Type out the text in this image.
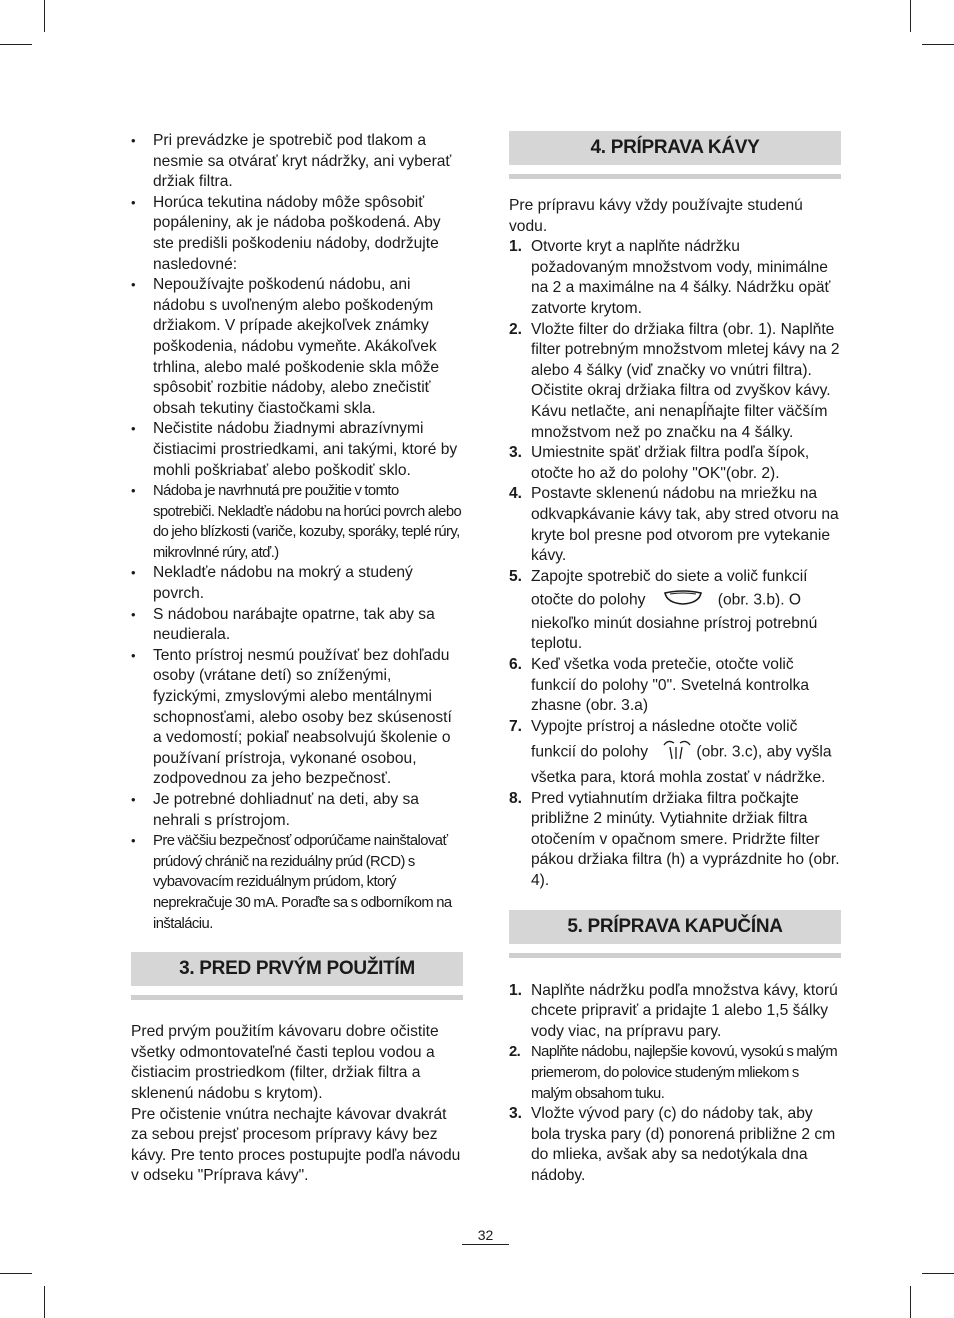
• Pri prevádzke je spotrebič pod tlakom a nesmie sa otvárať kryt nádržky, ani vyberať držiak filtra.
• Horúca tekutina nádoby môže spôsobiť popáleniny, ak je nádoba poškodená. Aby ste predišli poškodeniu nádoby, dodržujte nasledovné:
• Nepoužívajte poškodenú nádobu, ani nádobu s uvoľneným alebo poškodeným držiakom. V prípade akejkoľvek známky poškodenia, nádobu vymeňte. Akákoľvek trhlina, alebo malé poškodenie skla môže spôsobiť rozbitie nádoby, alebo znečistiť obsah tekutiny čiastočkami skla.
• Nečistite nádobu žiadnymi abrazívnymi čistiacimi prostriedkami, ani takými, ktoré by mohli poškriabať alebo poškodiť sklo.
• Nádoba je navrhnutá pre použitie v tomto spotrebiči. Nekladťe nádobu na horúci povrch alebo do jeho blízkosti (variče, kozuby, sporáky, teplé rúry, mikrovlnné rúry, atď.)
• Nekladťe nádobu na mokrý a studený povrch.
• S nádobou narábajte opatrne, tak aby sa neudierala.
• Tento prístroj nesmú používať bez dohľadu osoby (vrátane detí) so zníženými, fyzickými, zmyslovými alebo mentálnymi schopnosťami, alebo osoby bez skúseností a vedomostí; pokiaľ neabsolvujú školenie o používaní prístroja, vykonané osobou, zodpovednou za jeho bezpečnosť.
• Je potrebné dohliadnuť na deti, aby sa nehrali s prístrojom.
• Pre väčšiu bezpečnosť odporúčame nainštalovať prúdový chránič na reziduálny prúd (RCD) s vybavovacím reziduálnym prúdom, ktorý neprekračuje 30 mA. Poraďte sa s odborníkom na inštaláciu.
3. PRED PRVÝM POUŽITÍM

Pred prvým použitím kávovaru dobre očistite všetky odmontovateľné časti teplou vodou a čistiacim prostriedkom (filter, držiak filtra a sklenenú nádobu s krytom).

Pre očistenie vnútra nechajte kávovar dvakrát za sebou prejsť procesom prípravy kávy bez kávy. Pre tento proces postupujte podľa návodu v odseku "Príprava kávy".

4. PRÍPRAVA KÁVY

Pre prípravu kávy vždy používajte studenú vodu.

1. Otvorte kryt a naplňte nádržku požadovaným množstvom vody, minimálne na 2 a maximálne na 4 šálky. Nádržku opäť zatvorte krytom.
2. Vložte filter do držiaka filtra (obr. 1). Naplňte filter potrebným množstvom mletej kávy na 2 alebo 4 šálky (viď značky vo vnútri filtra). Očistite okraj držiaka filtra od zvyškov kávy. Kávu netlačte, ani nenapĺňajte filter väčším množstvom než po značku na 4 šálky.
3. Umiestnite späť držiak filtra podľa šípok, otočte ho až do polohy "OK"(obr. 2).
4. Postavte sklenenú nádobu na mriežku na odkvapkávanie kávy tak, aby stred otvoru na kryte bol presne pod otvorom pre vytekanie kávy.
5. Zapojte spotrebič do siete a volič funkcií otočte do polohy	(obr. 3.b). O niekoľko minút dosiahne prístroj potrebnú teplotu.
6. Keď všetka voda pretečie, otočte volič funkcií do polohy "0". Svetelná kontrolka zhasne (obr. 3.a)
7. Vypojte prístroj a následne otočte volič funkcií do polohy	(obr. 3.c), aby vyšla všetka para, ktorá mohla zostať v nádržke.
8. Pred vytiahnutím držiaka filtra počkajte približne 2 minúty. Vytiahnite držiak filtra otočením v opačnom smere. Pridržte filter pákou držiaka filtra (h) a vyprázdnite ho (obr. 4).
5. PRÍPRAVA KAPUČÍNA
1. Naplňte nádržku podľa množstva kávy, ktorú chcete pripraviť a pridajte 1 alebo 1,5 šálky vody viac, na prípravu pary.
2. Naplňte nádobu, najlepšie kovovú, vysokú s malým priemerom, do polovice studeným mliekom s malým obsahom tuku.
3. Vložte vývod pary (c) do nádoby tak, aby bola tryska pary (d) ponorená približne 2 cm do mlieka, avšak aby sa nedotýkala dna nádoby.
32
